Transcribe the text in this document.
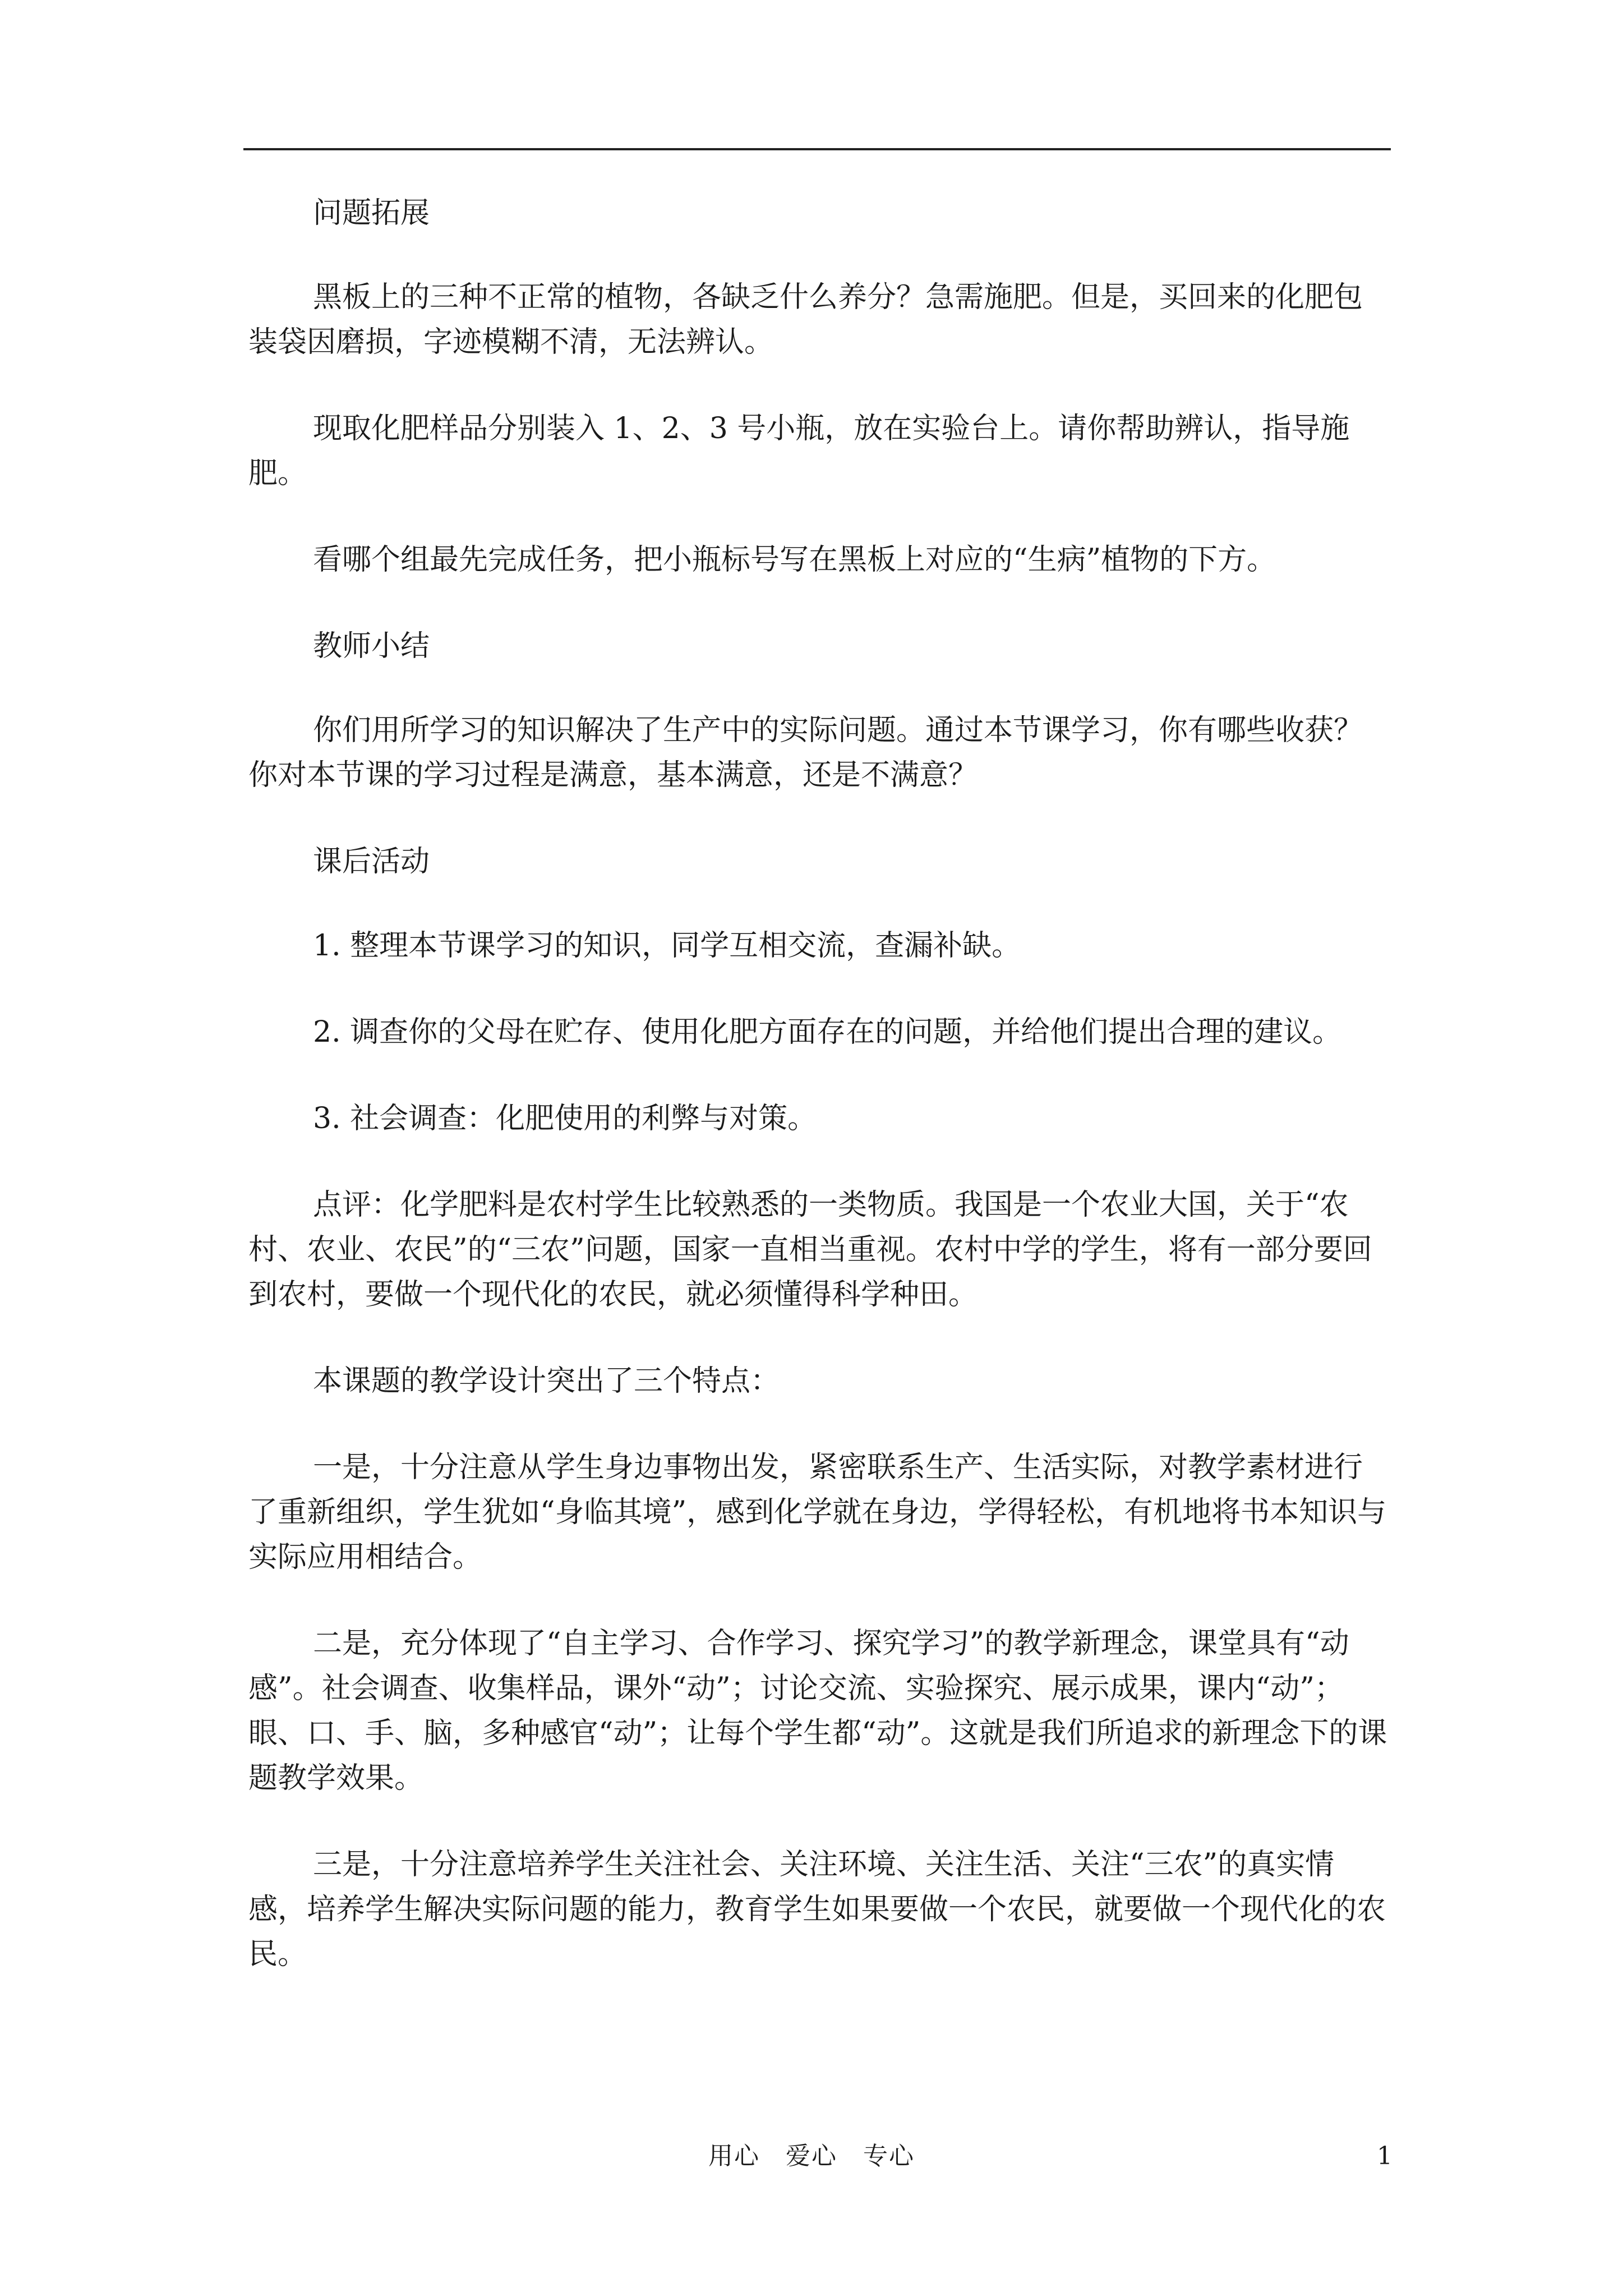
问题拓展

黑板上的三种不正常的植物，各缺乏什么养分？急需施肥。但是，买回来的化肥包装袋因磨损，字迹模糊不清，无法辨认。

现取化肥样品分别装入 1、2、3 号小瓶，放在实验台上。请你帮助辨认，指导施肥。

看哪个组最先完成任务，把小瓶标号写在黑板上对应的“生病”植物的下方。

教师小结

你们用所学习的知识解决了生产中的实际问题。通过本节课学习，你有哪些收获？你对本节课的学习过程是满意，基本满意，还是不满意？

课后活动

1. 整理本节课学习的知识，同学互相交流，查漏补缺。

2. 调查你的父母在贮存、使用化肥方面存在的问题，并给他们提出合理的建议。

3. 社会调查：化肥使用的利弊与对策。

点评：化学肥料是农村学生比较熟悉的一类物质。我国是一个农业大国，关于“农村、农业、农民”的“三农”问题，国家一直相当重视。农村中学的学生，将有一部分要回到农村，要做一个现代化的农民，就必须懂得科学种田。

本课题的教学设计突出了三个特点：

一是，十分注意从学生身边事物出发，紧密联系生产、生活实际，对教学素材进行了重新组织，学生犹如“身临其境”，感到化学就在身边，学得轻松，有机地将书本知识与实际应用相结合。

二是，充分体现了“自主学习、合作学习、探究学习”的教学新理念，课堂具有“动感”。社会调查、收集样品，课外“动”；讨论交流、实验探究、展示成果，课内“动”；眼、口、手、脑，多种感官“动”；让每个学生都“动”。这就是我们所追求的新理念下的课题教学效果。

三是，十分注意培养学生关注社会、关注环境、关注生活、关注“三农”的真实情感，培养学生解决实际问题的能力，教育学生如果要做一个农民，就要做一个现代化的农民。

用心　爱心　专心	1
